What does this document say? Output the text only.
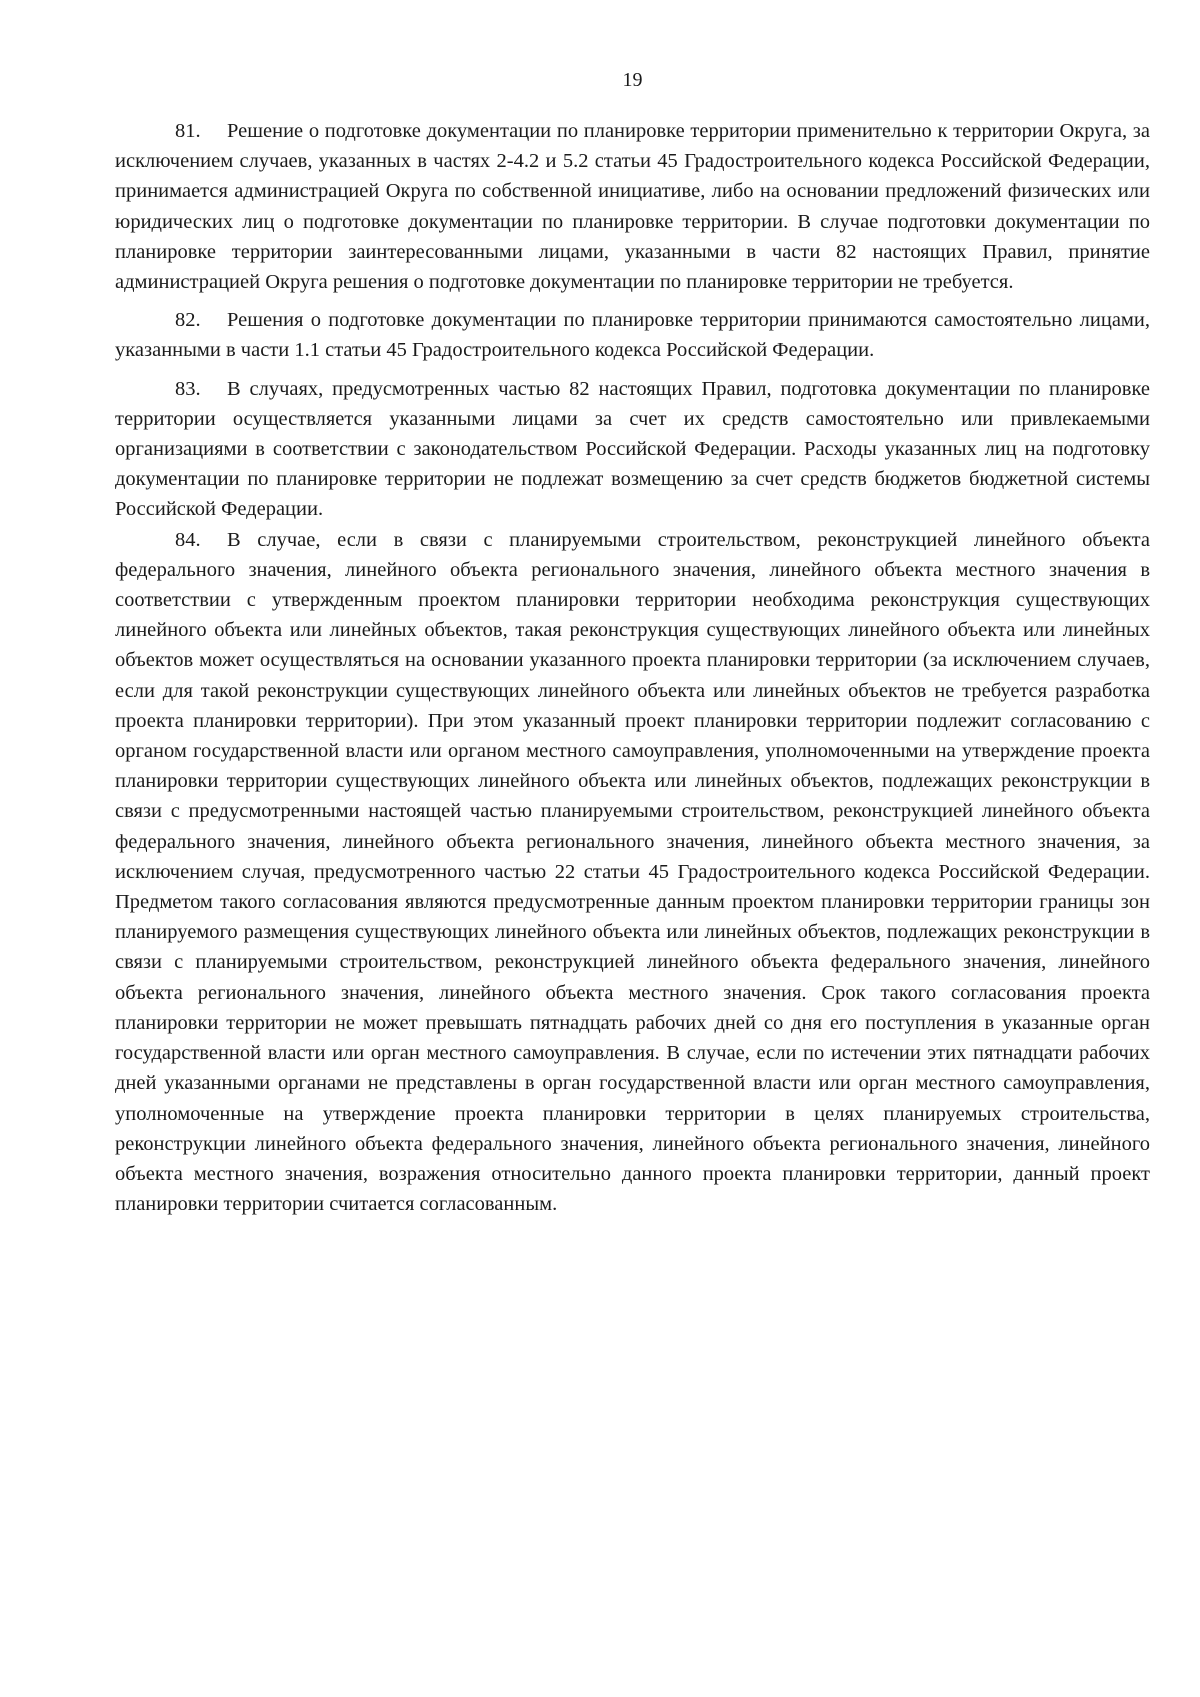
19

81. Решение о подготовке документации по планировке территории применительно к территории Округа, за исключением случаев, указанных в частях 2-4.2 и 5.2 статьи 45 Градостроительного кодекса Российской Федерации, принимается администрацией Округа по собственной инициативе, либо на основании предложений физических или юридических лиц о подготовке документации по планировке территории. В случае подготовки документации по планировке территории заинтересованными лицами, указанными в части 82 настоящих Правил, принятие администрацией Округа решения о подготовке документации по планировке территории не требуется.

82. Решения о подготовке документации по планировке территории принимаются самостоятельно лицами, указанными в части 1.1 статьи 45 Градостроительного кодекса Российской Федерации.

83. В случаях, предусмотренных частью 82 настоящих Правил, подготовка документации по планировке территории осуществляется указанными лицами за счет их средств самостоятельно или привлекаемыми организациями в соответствии с законодательством Российской Федерации. Расходы указанных лиц на подготовку документации по планировке территории не подлежат возмещению за счет средств бюджетов бюджетной системы Российской Федерации.

84. В случае, если в связи с планируемыми строительством, реконструкцией линейного объекта федерального значения, линейного объекта регионального значения, линейного объекта местного значения в соответствии с утвержденным проектом планировки территории необходима реконструкция существующих линейного объекта или линейных объектов, такая реконструкция существующих линейного объекта или линейных объектов может осуществляться на основании указанного проекта планировки территории (за исключением случаев, если для такой реконструкции существующих линейного объекта или линейных объектов не требуется разработка проекта планировки территории). При этом указанный проект планировки территории подлежит согласованию с органом государственной власти или органом местного самоуправления, уполномоченными на утверждение проекта планировки территории существующих линейного объекта или линейных объектов, подлежащих реконструкции в связи с предусмотренными настоящей частью планируемыми строительством, реконструкцией линейного объекта федерального значения, линейного объекта регионального значения, линейного объекта местного значения, за исключением случая, предусмотренного частью 22 статьи 45 Градостроительного кодекса Российской Федерации. Предметом такого согласования являются предусмотренные данным проектом планировки территории границы зон планируемого размещения существующих линейного объекта или линейных объектов, подлежащих реконструкции в связи с планируемыми строительством, реконструкцией линейного объекта федерального значения, линейного объекта регионального значения, линейного объекта местного значения. Срок такого согласования проекта планировки территории не может превышать пятнадцать рабочих дней со дня его поступления в указанные орган государственной власти или орган местного самоуправления. В случае, если по истечении этих пятнадцати рабочих дней указанными органами не представлены в орган государственной власти или орган местного самоуправления, уполномоченные на утверждение проекта планировки территории в целях планируемых строительства, реконструкции линейного объекта федерального значения, линейного объекта регионального значения, линейного объекта местного значения, возражения относительно данного проекта планировки территории, данный проект планировки территории считается согласованным.
